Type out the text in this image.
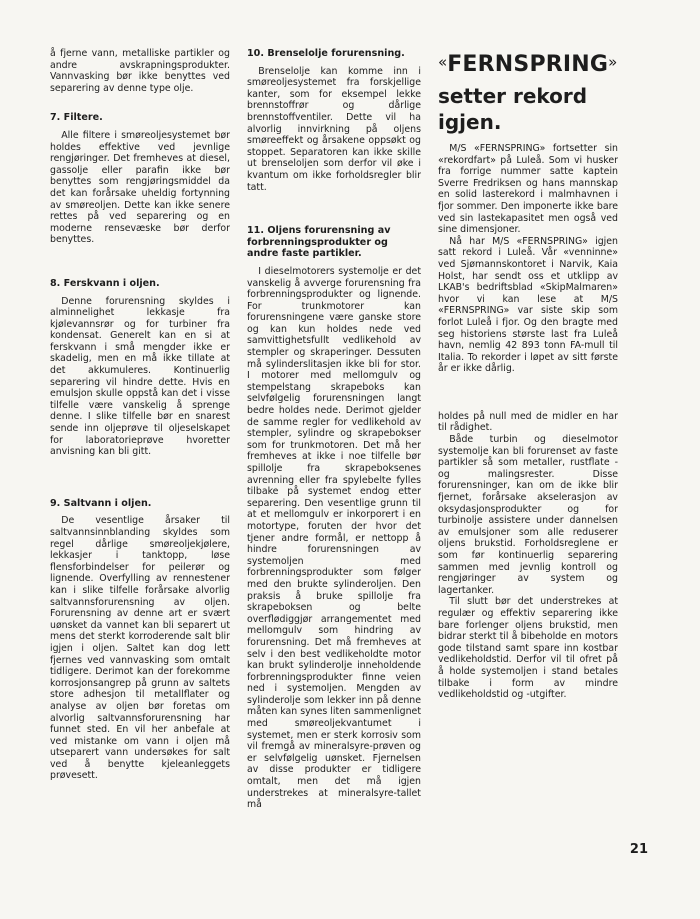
å fjerne vann, metalliske partikler og andre avskrapningsprodukter. Vannvasking bør ikke benyttes ved separering av denne type olje.

7. Filtere.

Alle filtere i smøreoljesystemet bør holdes effektive ved jevnlige rengjøringer. Det fremheves at diesel, gassolje eller parafin ikke bør benyttes som rengjøringsmiddel da det kan forårsake uheldig fortynning av smøreoljen. Dette kan ikke senere rettes på ved separering og en moderne rensevæske bør derfor benyttes.

8. Ferskvann i oljen.

Denne forurensning skyldes i alminnelighet lekkasje fra kjølevannsrør og for turbiner fra kondensat. Generelt kan en si at ferskvann i små mengder ikke er skadelig, men en må ikke tillate at det akkumuleres. Kontinuerlig separering vil hindre dette. Hvis en emulsjon skulle oppstå kan det i visse tilfelle være vanskelig å sprenge denne. I slike tilfelle bør en snarest sende inn oljeprøve til oljeselskapet for laboratorieprøve hvoretter anvisning kan bli gitt.

9. Saltvann i oljen.

De vesentlige årsaker til saltvannsinnblanding skyldes som regel dårlige smøreoljekjølere, lekkasjer i tanktopp, løse flensforbindelser for peilerør og lignende. Overfylling av rennestener kan i slike tilfelle forårsake alvorlig saltvannsforurensning av oljen. Forurensning av denne art er svært uønsket da vannet kan bli separert ut mens det sterkt korroderende salt blir igjen i oljen. Saltet kan dog lett fjernes ved vannvasking som omtalt tidligere. Derimot kan der forekomme korrosjonsangrep på grunn av saltets store adhesjon til metallflater og analyse av oljen bør foretas om alvorlig saltvannsforurensning har funnet sted. En vil her anbefale at ved mistanke om vann i oljen må utseparert vann undersøkes for salt ved å benytte kjeleanleggets prøvesett.

10. Brenselolje forurensning.

Brenselolje kan komme inn i smøreoljesystemet fra forskjellige kanter, som for eksempel lekke brennstoffrør og dårlige brennstoffventiler. Dette vil ha alvorlig innvirkning på oljens smøreeffekt og årsakene oppsøkt og stoppet. Separatoren kan ikke skille ut brenseloljen som derfor vil øke i kvantum om ikke forholdsregler blir tatt.

11. Oljens forurensning av forbrenningsprodukter og andre faste partikler.

I dieselmotorers systemolje er det vanskelig å avverge forurensning fra forbrenningsprodukter og lignende. For trunkmotorer kan forurensningene være ganske store og kan kun holdes nede ved samvittighetsfullt vedlikehold av stempler og skraperinger. Dessuten må sylinderslitasjen ikke bli for stor. I motorer med mellomgulv og stempelstang skrapeboks kan selvfølgelig forurensningen langt bedre holdes nede. Derimot gjelder de samme regler for vedlikehold av stempler, sylindre og skrapebokser som for trunkmotoren. Det må her fremheves at ikke i noe tilfelle bør spillolje fra skrapeboksenes avrenning eller fra spylebelte fylles tilbake på systemet endog etter separering. Den vesentlige grunn til at et mellomgulv er inkorporert i en motortype, foruten der hvor det tjener andre formål, er nettopp å hindre forurensningen av systemoljen med forbrenningsprodukter som følger med den brukte sylinderoljen. Den praksis å bruke spillolje fra skrapeboksen og belte overflødiggjør arrangementet med mellomgulv som hindring av forurensning. Det må fremheves at selv i den best vedlikeholdte motor kan brukt sylinderolje inneholdende forbrenningsprodukter finne veien ned i systemoljen. Mengden av sylinderolje som lekker inn på denne måten kan synes liten sammenlignet med smøreoljekvantumet i systemet, men er sterk korrosiv som vil fremgå av mineralsyre-prøven og er selvfølgelig uønsket. Fjernelsen av disse produkter er tidligere omtalt, men det må igjen understrekes at mineralsyre-tallet må

«FERNSPRING»
setter rekord igjen.

M/S «FERNSPRING» fortsetter sin «rekordfart» på Luleå. Som vi husker fra forrige nummer satte kaptein Sverre Fredriksen og hans mannskap en solid lasterekord i malmhavnen i fjor sommer. Den imponerte ikke bare ved sin lastekapasitet men også ved sine dimensjoner.

Nå har M/S «FERNSPRING» igjen satt rekord i Luleå. Vår «venninne» ved Sjømannskontoret i Narvik, Kaia Holst, har sendt oss et utklipp av LKAB's bedriftsblad «SkipMalmaren» hvor vi kan lese at M/S «FERNSPRING» var siste skip som forlot Luleå i fjor. Og den bragte med seg historiens største last fra Luleå havn, nemlig 42 893 tonn FA-mull til Italia. To rekorder i løpet av sitt første år er ikke dårlig.

holdes på null med de midler en har til rådighet.

Både turbin og dieselmotor systemolje kan bli forurenset av faste partikler så som metaller, rustflate -og malingsrester. Disse forurensninger, kan om de ikke blir fjernet, forårsake akselerasjon av oksydasjonsprodukter og for turbinolje assistere under dannelsen av emulsjoner som alle reduserer oljens brukstid. Forholdsreglene er som før kontinuerlig separering sammen med jevnlig kontroll og rengjøringer av system og lagertanker.

Til slutt bør det understrekes at regulær og effektiv separering ikke bare forlenger oljens brukstid, men bidrar sterkt til å bibeholde en motors gode tilstand samt spare inn kostbar vedlikeholdstid. Derfor vil til ofret på å holde systemoljen i stand betales tilbake i form av mindre vedlikeholdstid og -utgifter.

21
